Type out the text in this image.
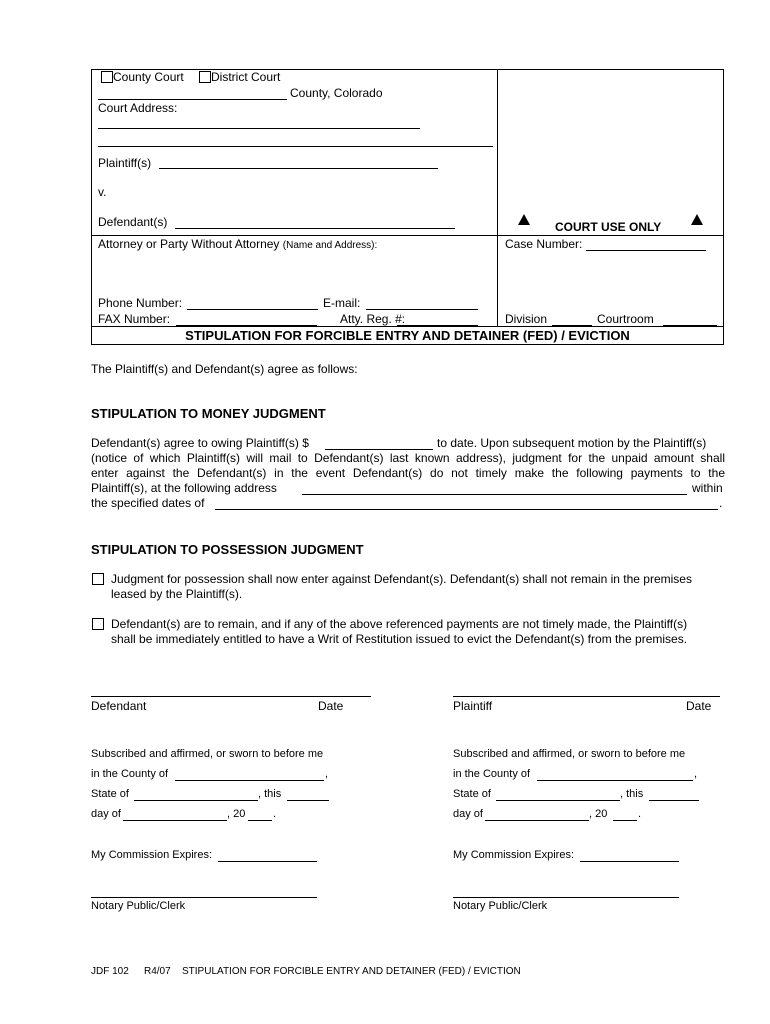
County Court District Court
County, Colorado
Court Address:
Plaintiff(s)
v.
Defendant(s)	COURT USE ONLY
Attorney or Party Without Attorney (Name and Address):	Case Number:
Phone Number:	E-mail:
FAX Number:	Atty. Reg. #:	Division	Courtroom
STIPULATION FOR FORCIBLE ENTRY AND DETAINER (FED) / EVICTION
The Plaintiff(s) and Defendant(s) agree as follows:
STIPULATION TO MONEY JUDGMENT
Defendant(s) agree to owing Plaintiff(s) $	to date. Upon subsequent motion by the Plaintiff(s)
(notice of which Plaintiff(s) will mail to Defendant(s) last known address), judgment for the unpaid amount shall
enter against the Defendant(s) in the event Defendant(s) do not timely make the following payments to the
Plaintiff(s), at the following address	within
the specified dates of	.
STIPULATION TO POSSESSION JUDGMENT
Judgment for possession shall now enter against Defendant(s). Defendant(s) shall not remain in the premises
leased by the Plaintiff(s).
Defendant(s) are to remain, and if any of the above referenced payments are not timely made, the Plaintiff(s)
shall be immediately entitled to have a Writ of Restitution issued to evict the Defendant(s) from the premises.
Defendant	Date	Plaintiff	Date
Subscribed and affirmed, or sworn to before me
in the County of	,
State of	, this
day of	, 20	.
My Commission Expires:
Notary Public/Clerk
Subscribed and affirmed, or sworn to before me
in the County of	,
State of	, this
day of	, 20	.
My Commission Expires:
Notary Public/Clerk
JDF 102 R4/07 STIPULATION FOR FORCIBLE ENTRY AND DETAINER (FED) / EVICTION
